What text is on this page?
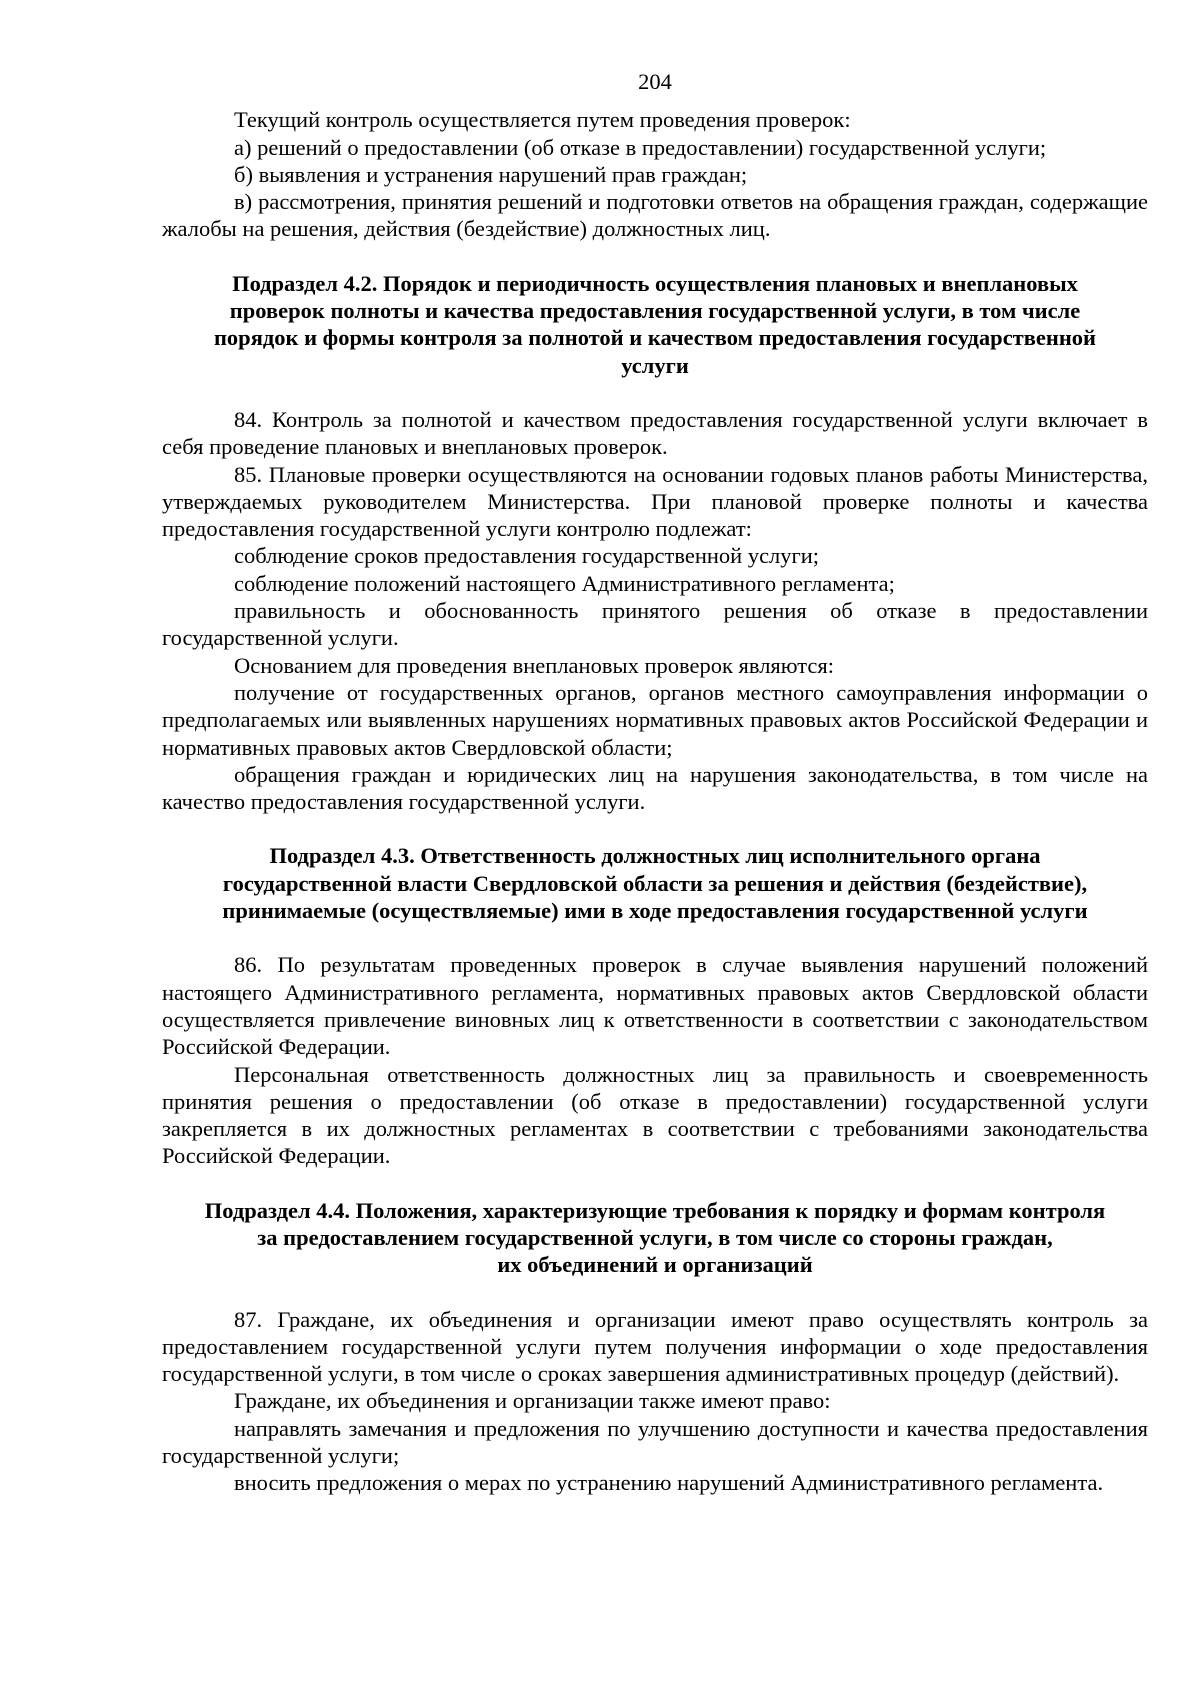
204

Текущий контроль осуществляется путем проведения проверок:

а) решений о предоставлении (об отказе в предоставлении) государственной услуги;

б) выявления и устранения нарушений прав граждан;

в) рассмотрения, принятия решений и подготовки ответов на обращения граждан, содержащие жалобы на решения, действия (бездействие) должностных лиц.

Подраздел 4.2. Порядок и периодичность осуществления плановых и внеплановых
проверок полноты и качества предоставления государственной услуги, в том числе
порядок и формы контроля за полнотой и качеством предоставления государственной
услуги

84. Контроль за полнотой и качеством предоставления государственной услуги включает в себя проведение плановых и внеплановых проверок.

85. Плановые проверки осуществляются на основании годовых планов работы Министерства, утверждаемых руководителем Министерства. При плановой проверке полноты и качества предоставления государственной услуги контролю подлежат:

соблюдение сроков предоставления государственной услуги;

соблюдение положений настоящего Административного регламента;

правильность и обоснованность принятого решения об отказе в предоставлении государственной услуги.

Основанием для проведения внеплановых проверок являются:

получение от государственных органов, органов местного самоуправления информации о предполагаемых или выявленных нарушениях нормативных правовых актов Российской Федерации и нормативных правовых актов Свердловской области;

обращения граждан и юридических лиц на нарушения законодательства, в том числе на качество предоставления государственной услуги.

Подраздел 4.3. Ответственность должностных лиц исполнительного органа
государственной власти Свердловской области за решения и действия (бездействие),
принимаемые (осуществляемые) ими в ходе предоставления государственной услуги

86. По результатам проведенных проверок в случае выявления нарушений положений настоящего Административного регламента, нормативных правовых актов Свердловской области осуществляется привлечение виновных лиц к ответственности в соответствии с законодательством Российской Федерации.

Персональная ответственность должностных лиц за правильность и своевременность принятия решения о предоставлении (об отказе в предоставлении) государственной услуги закрепляется в их должностных регламентах в соответствии с требованиями законодательства Российской Федерации.

Подраздел 4.4. Положения, характеризующие требования к порядку и формам контроля
за предоставлением государственной услуги, в том числе со стороны граждан,
их объединений и организаций

87. Граждане, их объединения и организации имеют право осуществлять контроль за предоставлением государственной услуги путем получения информации о ходе предоставления государственной услуги, в том числе о сроках завершения административных процедур (действий).

Граждане, их объединения и организации также имеют право:

направлять замечания и предложения по улучшению доступности и качества предоставления государственной услуги;

вносить предложения о мерах по устранению нарушений Административного регламента.
